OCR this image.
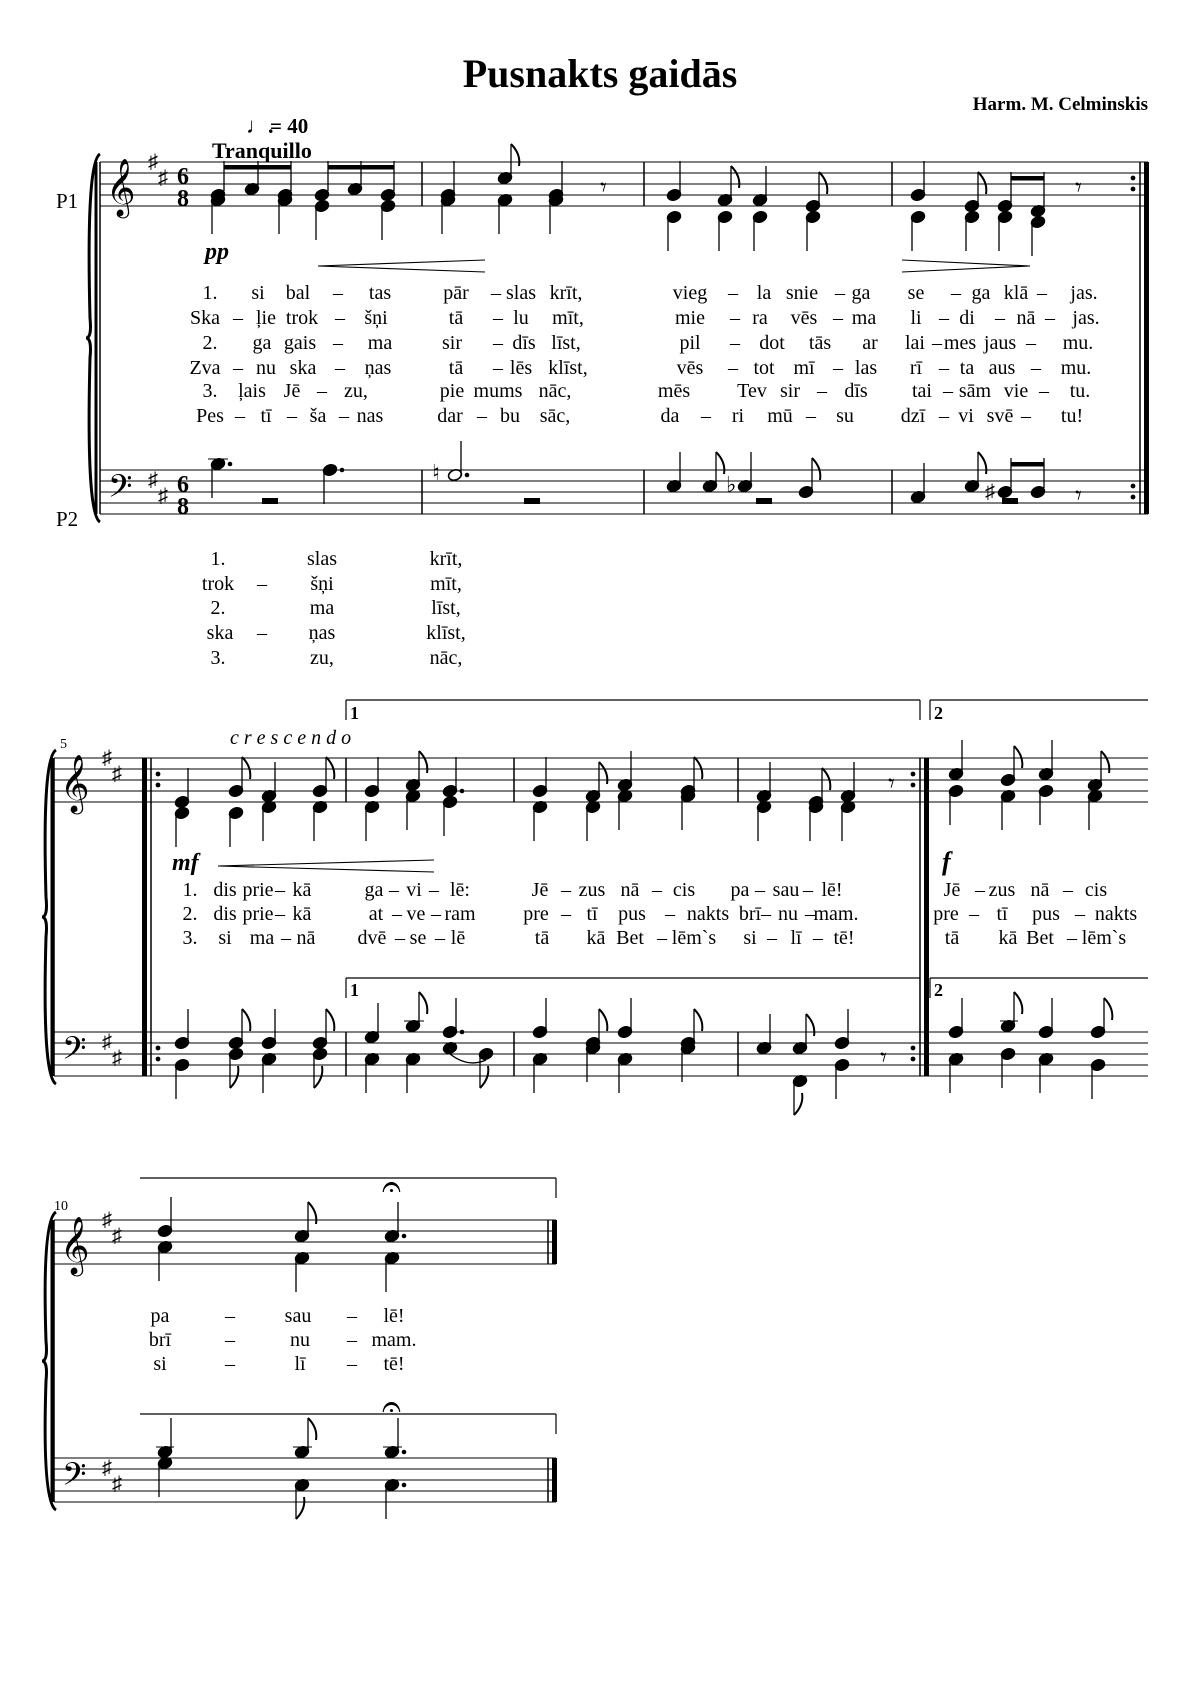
Pusnakts gaidās
Harm. M. Celminskis
♩.
= 40
Tranquillo
P1
P2
𝄞
𝄢
♯
♯
♯
♯
6
8
6
8
𝄞
𝄢
♯
♯
♯
♯
𝄞
𝄢
♯
♯
♯
♯
𝄾	𝄾
♮	♭	♯	𝄾
𝄾
𝄾
𝄐
𝄐
pp
1. si bal – tas	pār – slas krīt,	vieg – la snie – ga se – ga klā – jas.
Ska – ļie trok – šņi	tā – lu mīt,	mie – ra vēs – ma li – di – nā – jas.
2. ga gais – ma sir – dīs līst,	pil – dot tās ar lai – mes jaus – mu.
Zva – nu ska – ņas	tā – lēs klīst,	vēs – tot mī – las rī – ta aus – mu.
3. ļais Jē – zu,	pie mums nāc,	mēs Tev sir – dīs tai – sām vie – tu.
Pes – tī – ša – nas	dar – bu sāc,	da – ri mū – su dzī – vi svē – tu!
1.	slas	krīt,
trok – šņi	mīt,
2.	ma	līst,
ska – ņas	klīst,
3.	zu,	nāc,
5
1	2
1	2
c r e s c e n d o
mf	f
1. dis prie – kā	ga – vi – lē:	Jē – zus nā – cis pa – sau – lē!	Jē – zus nā – cis
2. dis prie – kā	at – ve – ram pre – tī pus – nakts brī – nu –
mam.	pre – tī pus – nakts
3. si ma – nā dvē – se – lē	tā kā Bet – lēm`s si – lī – tē!	tā kā Bet – lēm`s
10
pa	– sau – lē!
brī	–	nu – mam.
si	–	lī – tē!
